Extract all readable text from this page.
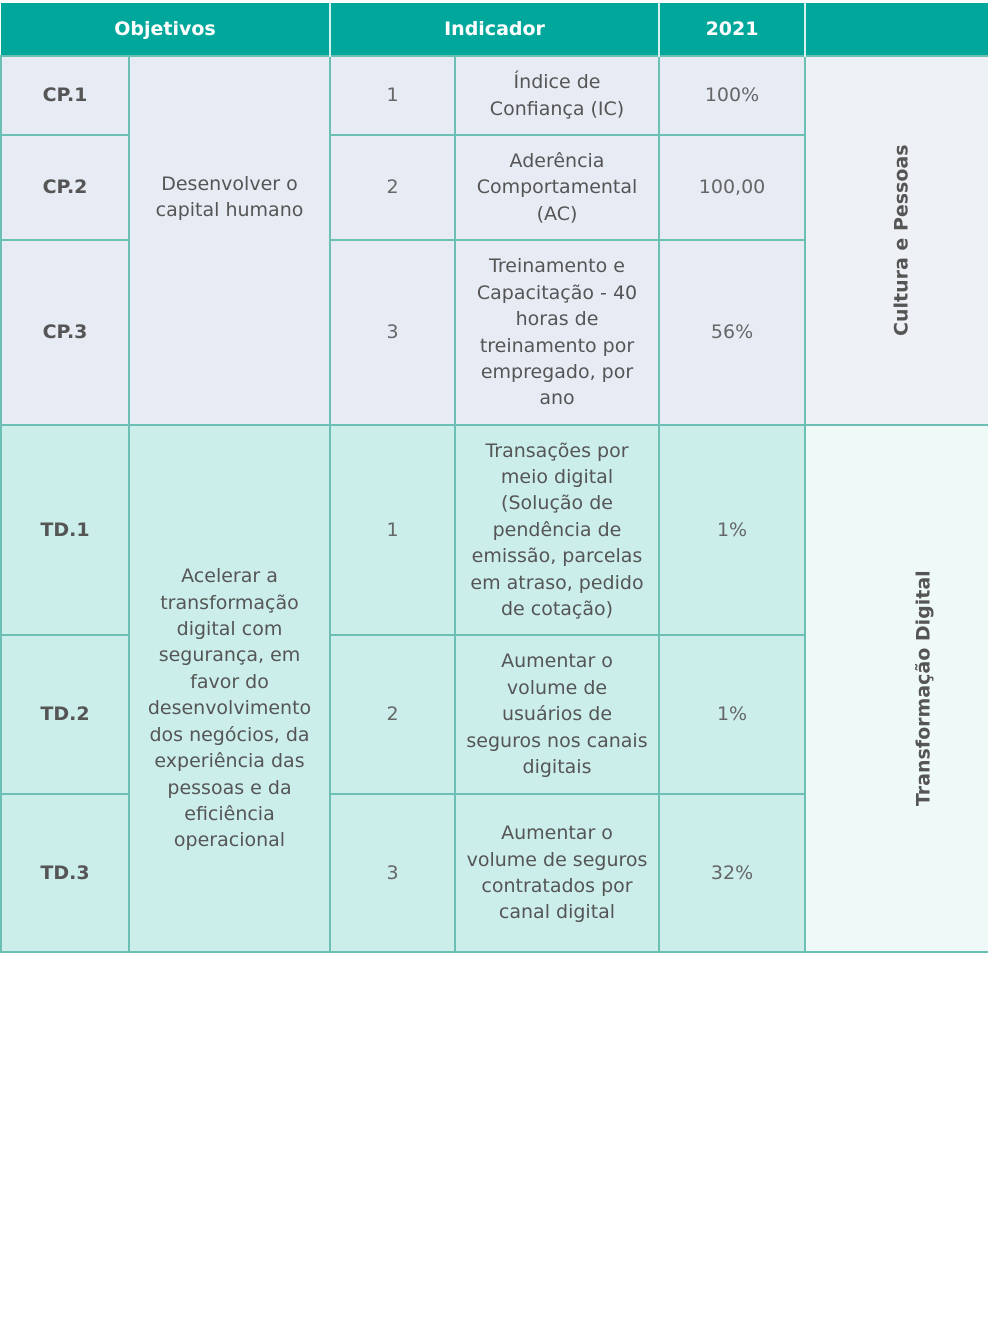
Objetivos		Indicador		2021	
CP.1	Desenvolver o capital humano	1	Índice de Confiança (IC)	100%	Cultura e Pessoas
CP.2		2	Aderência Comportamental (AC)	100,00	
CP.3		3	Treinamento e Capacitação - 40 horas de treinamento por empregado, por ano	56%	
TD.1	Acelerar a transformação digital com segurança, em favor do desenvolvimento dos negócios, da experiência das pessoas e da eficiência operacional	1	Transações por meio digital (Solução de pendência de emissão, parcelas em atraso, pedido de cotação)	1%	Transformação Digital
TD.2		2	Aumentar o volume de usuários de seguros nos canais digitais	1%	
TD.3		3	Aumentar o volume de seguros contratados por canal digital	32%	
